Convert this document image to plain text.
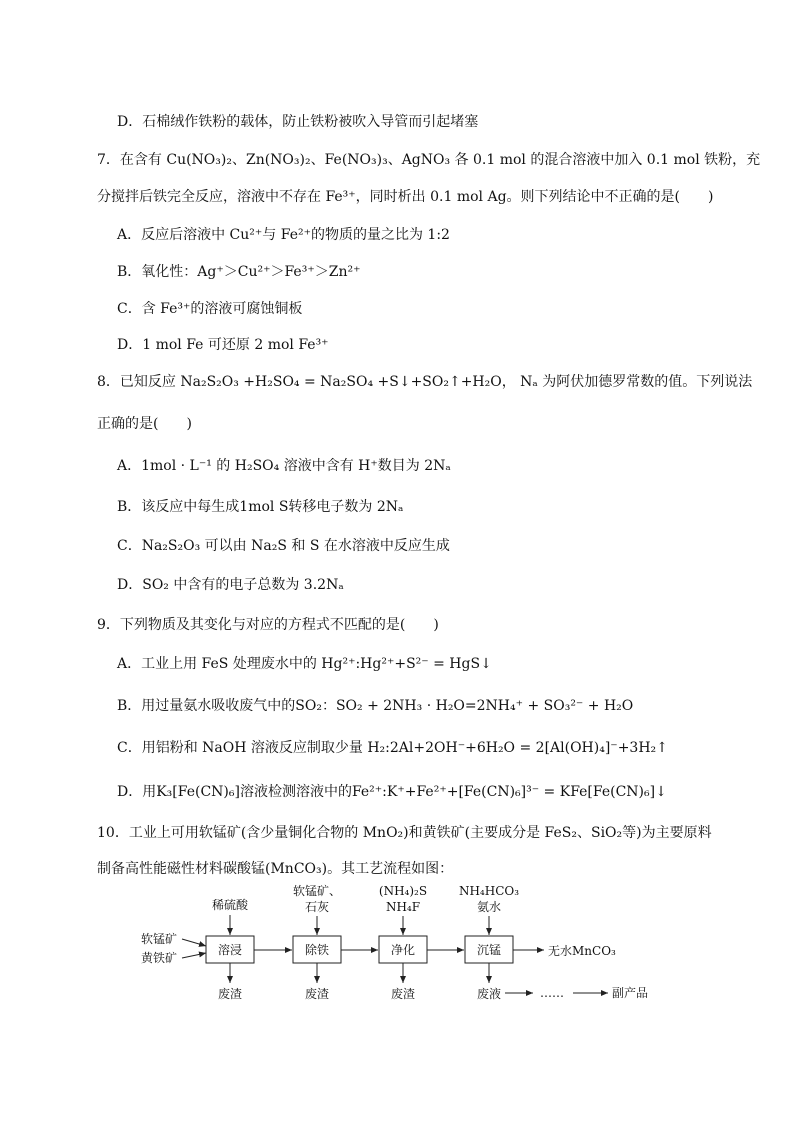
D．石棉绒作铁粉的载体，防止铁粉被吹入导管而引起堵塞
7．在含有 Cu(NO₃)₂、Zn(NO₃)₂、Fe(NO₃)₃、AgNO₃ 各 0.1 mol 的混合溶液中加入 0.1 mol 铁粉，充
分搅拌后铁完全反应，溶液中不存在 Fe³⁺，同时析出 0.1 mol Ag。则下列结论中不正确的是(　　)
A．反应后溶液中 Cu²⁺与 Fe²⁺的物质的量之比为 1:2
B．氧化性：Ag⁺＞Cu²⁺＞Fe³⁺＞Zn²⁺
C．含 Fe³⁺的溶液可腐蚀铜板
D．1 mol Fe 可还原 2 mol Fe³⁺
8．已知反应 Na₂S₂O₃ +H₂SO₄ = Na₂SO₄ +S↓+SO₂↑+H₂O， Nₐ 为阿伏加德罗常数的值。下列说法
正确的是(　　)
A．1mol · L⁻¹ 的 H₂SO₄ 溶液中含有 H⁺数目为 2Nₐ
B．该反应中每生成1mol S转移电子数为 2Nₐ
C．Na₂S₂O₃ 可以由 Na₂S 和 S 在水溶液中反应生成
D．SO₂ 中含有的电子总数为 3.2Nₐ
9．下列物质及其变化与对应的方程式不匹配的是(　　)
A．工业上用 FeS 处理废水中的 Hg²⁺:Hg²⁺+S²⁻ = HgS↓
B．用过量氨水吸收废气中的SO₂：SO₂ + 2NH₃ · H₂O=2NH₄⁺ + SO₃²⁻ + H₂O
C．用铝粉和 NaOH 溶液反应制取少量 H₂:2Al+2OH⁻+6H₂O = 2[Al(OH)₄]⁻+3H₂↑
D．用K₃[Fe(CN)₆]溶液检测溶液中的Fe²⁺:K⁺+Fe²⁺+[Fe(CN)₆]³⁻ = KFe[Fe(CN)₆]↓
10．工业上可用软锰矿(含少量铜化合物的 MnO₂)和黄铁矿(主要成分是 FeS₂、SiO₂等)为主要原料
制备高性能磁性材料碳酸锰(MnCO₃)。其工艺流程如图：
软锰矿
黄铁矿
溶浸	除铁	净化	沉锰	无水MnCO₃
稀硫酸
软锰矿、
石灰
(NH₄)₂S
NH₄F
NH₄HCO₃
氨水
废渣	废渣	废渣	废液	……	副产品
